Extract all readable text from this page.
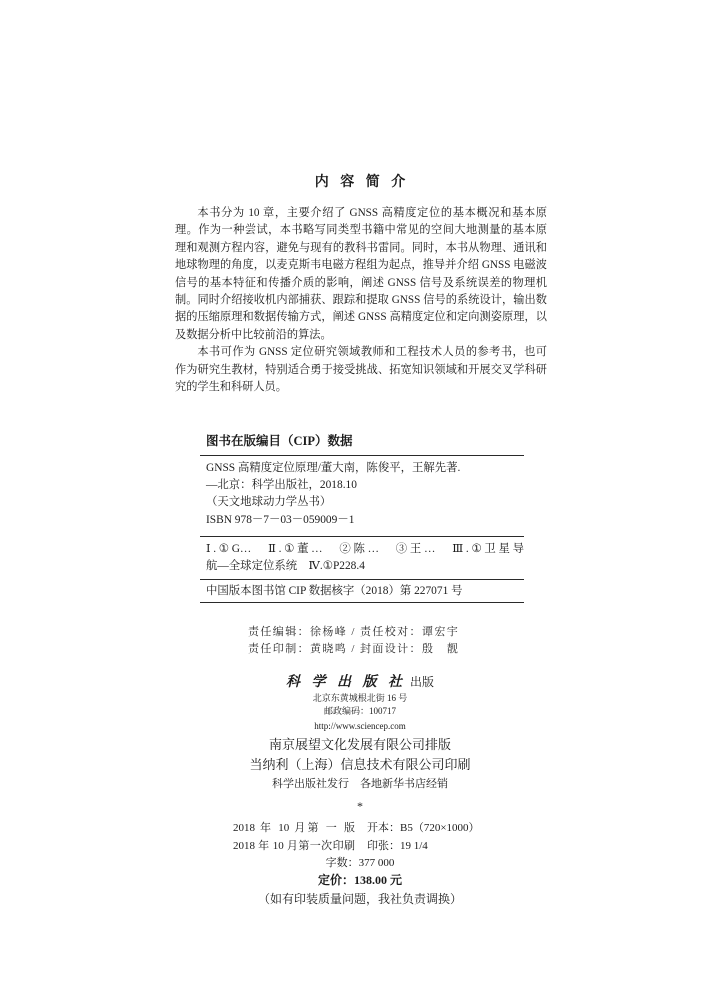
内 容 简 介
本书分为 10 章，主要介绍了 GNSS 高精度定位的基本概况和基本原
理。作为一种尝试，本书略写同类型书籍中常见的空间大地测量的基本原
理和观测方程内容，避免与现有的教科书雷同。同时，本书从物理、通讯和
地球物理的角度，以麦克斯韦电磁方程组为起点，推导并介绍 GNSS 电磁波
信号的基本特征和传播介质的影响，阐述 GNSS 信号及系统误差的物理机
制。同时介绍接收机内部捕获、跟踪和提取 GNSS 信号的系统设计，输出数
据的压缩原理和数据传输方式，阐述 GNSS 高精度定位和定向测姿原理，以
及数据分析中比较前沿的算法。
本书可作为 GNSS 定位研究领域教师和工程技术人员的参考书，也可
作为研究生教材，特别适合勇于接受挑战、拓宽知识领域和开展交叉学科研
究的学生和科研人员。
图书在版编目（CIP）数据
GNSS 高精度定位原理/董大南，陈俊平，王解先著.
—北京：科学出版社，2018.10
（天文地球动力学丛书）
ISBN 978－7－03－059009－1
Ⅰ.①G…　Ⅱ.①董…　②陈…　③王…　Ⅲ.①卫星导
航—全球定位系统　Ⅳ.①P228.4
中国版本图书馆 CIP 数据核字（2018）第 227071 号
责任编辑：徐杨峰 / 责任校对：谭宏宇
责任印制：黄晓鸣 / 封面设计：殷　靓
科 学 出 版 社 出版
北京东黄城根北街 16 号
邮政编码：100717
http://www.sciencep.com
南京展望文化发展有限公司排版
当纳利（上海）信息技术有限公司印刷
科学出版社发行　各地新华书店经销
*
2018 年 10 月第 一 版 开本：B5（720×1000）
2018 年 10 月第一次印刷 印张：19 1/4
字数：377 000
定价：138.00 元
（如有印装质量问题，我社负责调换）
